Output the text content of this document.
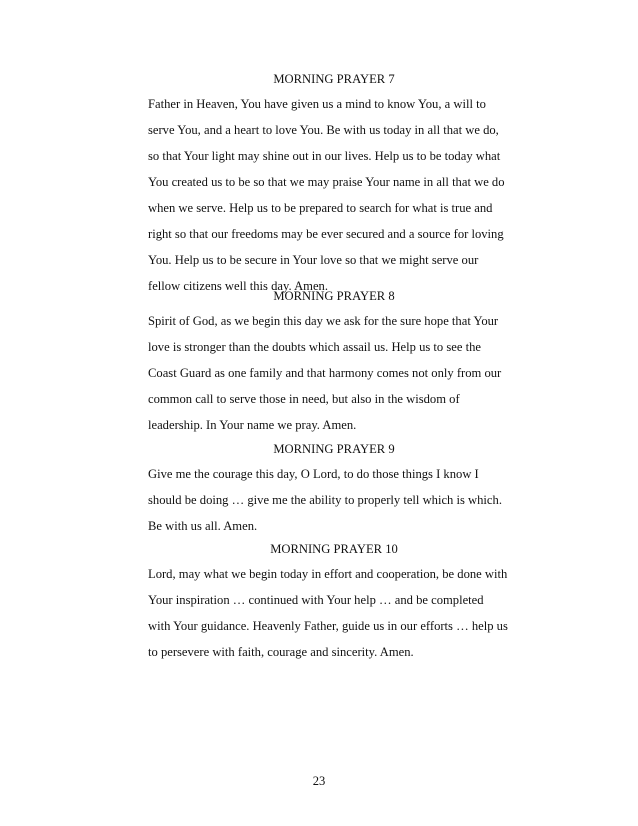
MORNING PRAYER 7
Father in Heaven, You have given us a mind to know You, a will to
serve You, and a heart to love You. Be with us today in all that we do,
so that Your light may shine out in our lives. Help us to be today what
You created us to be so that we may praise Your name in all that we do
when we serve. Help us to be prepared to search for what is true and
right so that our freedoms may be ever secured and a source for loving
You. Help us to be secure in Your love so that we might serve our
fellow citizens well this day. Amen.
MORNING PRAYER 8
Spirit of God, as we begin this day we ask for the sure hope that Your
love is stronger than the doubts which assail us. Help us to see the
Coast Guard as one family and that harmony comes not only from our
common call to serve those in need, but also in the wisdom of
leadership. In Your name we pray. Amen.
MORNING PRAYER 9
Give me the courage this day, O Lord, to do those things I know I
should be doing … give me the ability to properly tell which is which.
Be with us all. Amen.
MORNING PRAYER 10
Lord, may what we begin today in effort and cooperation, be done with
Your inspiration … continued with Your help … and be completed
with Your guidance. Heavenly Father, guide us in our efforts … help us
to persevere with faith, courage and sincerity. Amen.
23
